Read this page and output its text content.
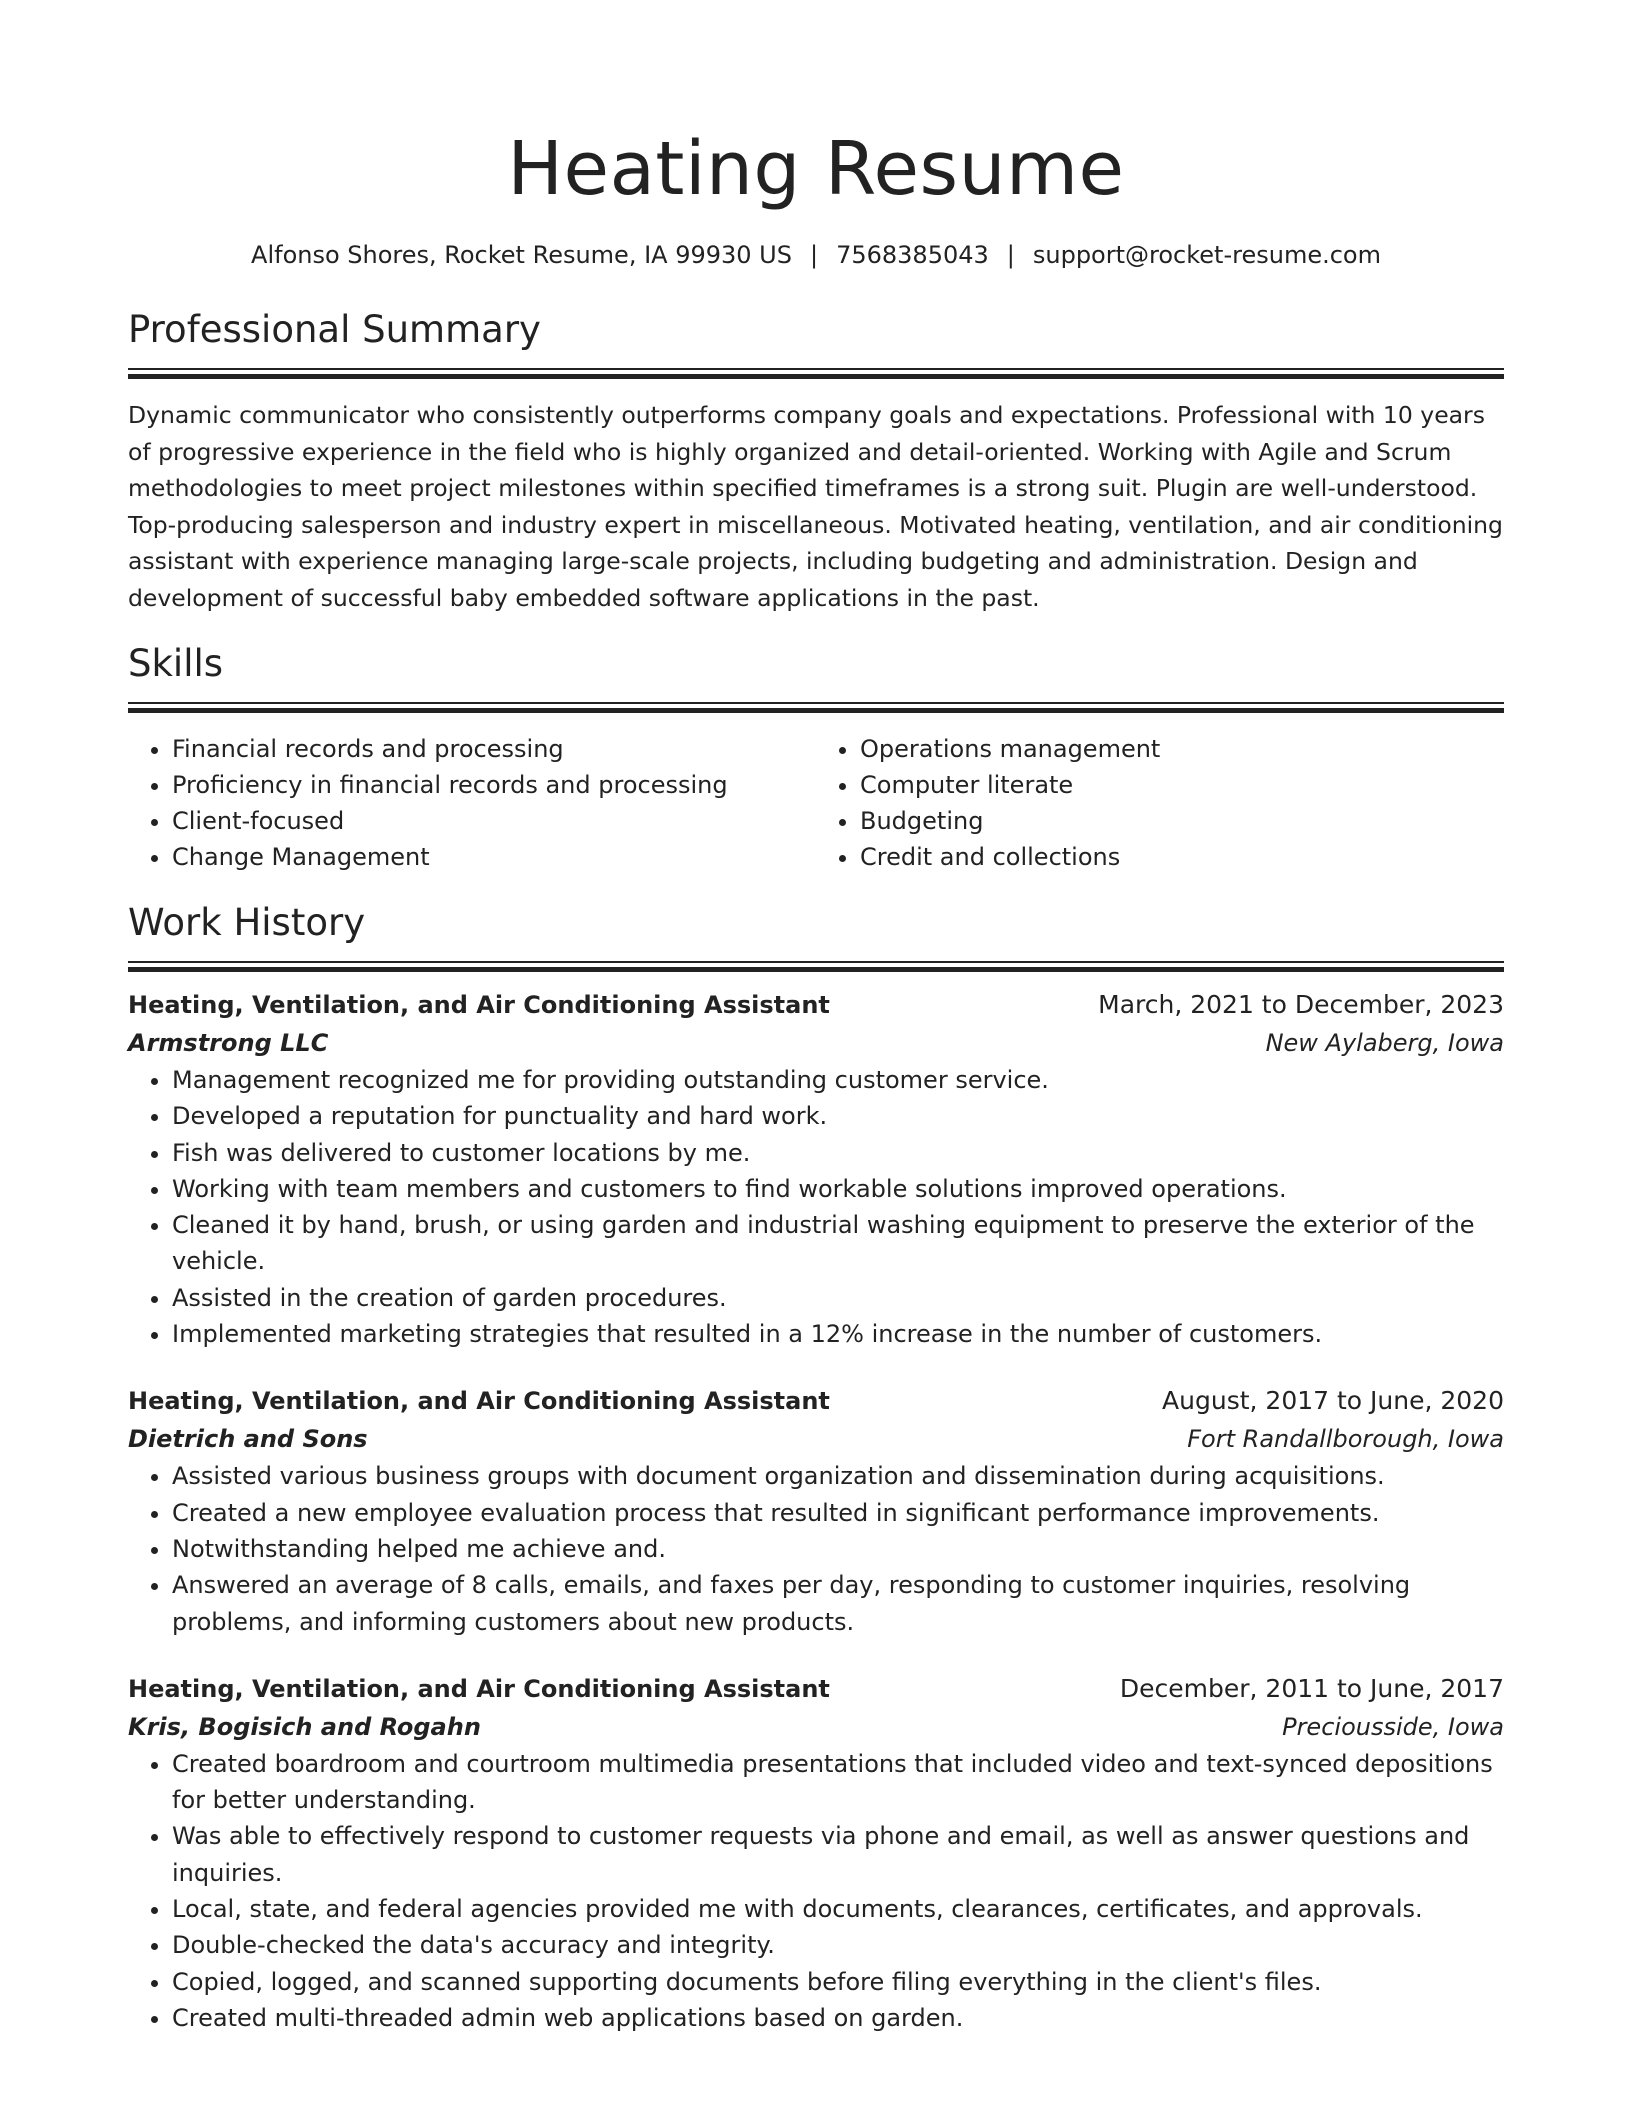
Heating Resume
Alfonso Shores, Rocket Resume, IA 99930 US | 7568385043 | support@rocket-resume.com
Professional Summary

Dynamic communicator who consistently outperforms company goals and expectations. Professional with 10 years of progressive experience in the field who is highly organized and detail-oriented. Working with Agile and Scrum methodologies to meet project milestones within specified timeframes is a strong suit. Plugin are well-understood. Top-producing salesperson and industry expert in miscellaneous. Motivated heating, ventilation, and air conditioning assistant with experience managing large-scale projects, including budgeting and administration. Design and development of successful baby embedded software applications in the past.

Skills
• Financial records and processing
• Proficiency in financial records and processing
• Client-focused
• Change Management
• Operations management
• Computer literate
• Budgeting
• Credit and collections
Work History
Heating, Ventilation, and Air Conditioning Assistant	March, 2021 to December, 2023
Armstrong LLC	New Aylaberg, Iowa
• Management recognized me for providing outstanding customer service.
• Developed a reputation for punctuality and hard work.
• Fish was delivered to customer locations by me.
• Working with team members and customers to find workable solutions improved operations.
• Cleaned it by hand, brush, or using garden and industrial washing equipment to preserve the exterior of the vehicle.
• Assisted in the creation of garden procedures.
• Implemented marketing strategies that resulted in a 12% increase in the number of customers.
Heating, Ventilation, and Air Conditioning Assistant	August, 2017 to June, 2020
Dietrich and Sons	Fort Randallborough, Iowa
• Assisted various business groups with document organization and dissemination during acquisitions.
• Created a new employee evaluation process that resulted in significant performance improvements.
• Notwithstanding helped me achieve and.
• Answered an average of 8 calls, emails, and faxes per day, responding to customer inquiries, resolving problems, and informing customers about new products.
Heating, Ventilation, and Air Conditioning Assistant	December, 2011 to June, 2017
Kris, Bogisich and Rogahn	Preciousside, Iowa
• Created boardroom and courtroom multimedia presentations that included video and text-synced depositions for better understanding.
• Was able to effectively respond to customer requests via phone and email, as well as answer questions and inquiries.
• Local, state, and federal agencies provided me with documents, clearances, certificates, and approvals.
• Double-checked the data's accuracy and integrity.
• Copied, logged, and scanned supporting documents before filing everything in the client's files.
• Created multi-threaded admin web applications based on garden.
